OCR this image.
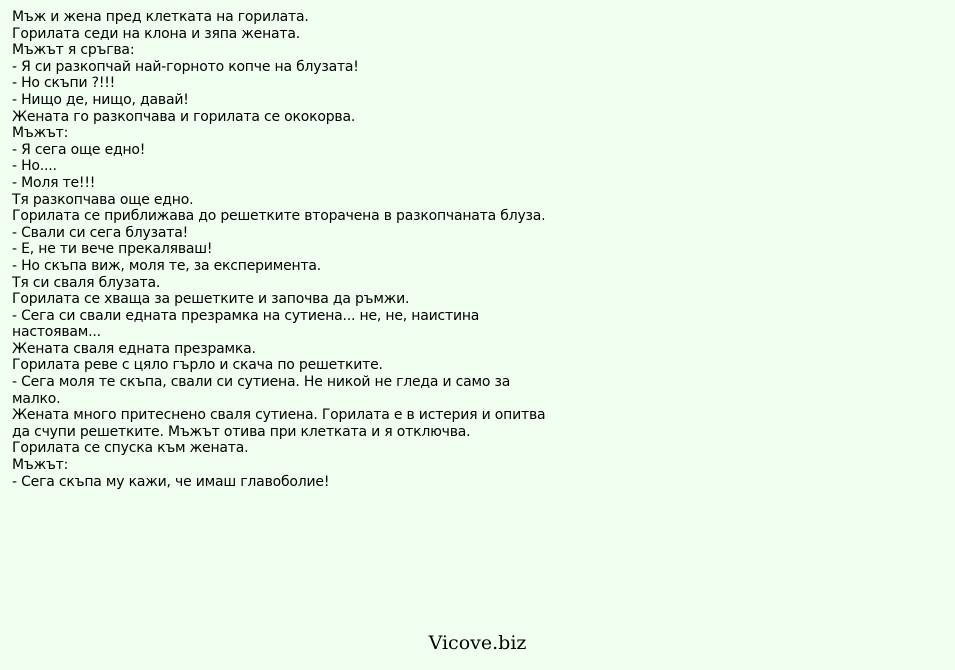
Мъж и жена пред клетката на горилата.
Горилата седи на клона и зяпа жената.
Мъжът я сръгва:
- Я си разкопчай най-горното копче на блузата!
- Но скъпи ?!!!
- Нищо де, нищо, давай!
Жената го разкопчава и горилата се ококорва.
Мъжът:
- Я сега още едно!
- Но....
- Моля те!!!
Тя разкопчава още едно.
Горилата се приближава до решетките вторачена в разкопчаната блуза.
- Свали си сега блузата!
- Е, не ти вече прекаляваш!
- Но скъпа виж, моля те, за експеримента.
Тя си сваля блузата.
Горилата се хваща за решетките и започва да ръмжи.
- Сега си свали едната презрамка на сутиена... не, не, наистина настоявам...
Жената сваля едната презрамка.
Горилата реве с цяло гърло и скача по решетките.
- Сега моля те скъпа, свали си сутиена. Не никой не гледа и само за малко.
Жената много притеснено сваля сутиена. Горилата е в истерия и опитва да счупи решетките. Мъжът отива при клетката и я отключва.
Горилата се спуска към жената.
Мъжът:
- Сега скъпа му кажи, че имаш главоболие!
Vicove.biz
